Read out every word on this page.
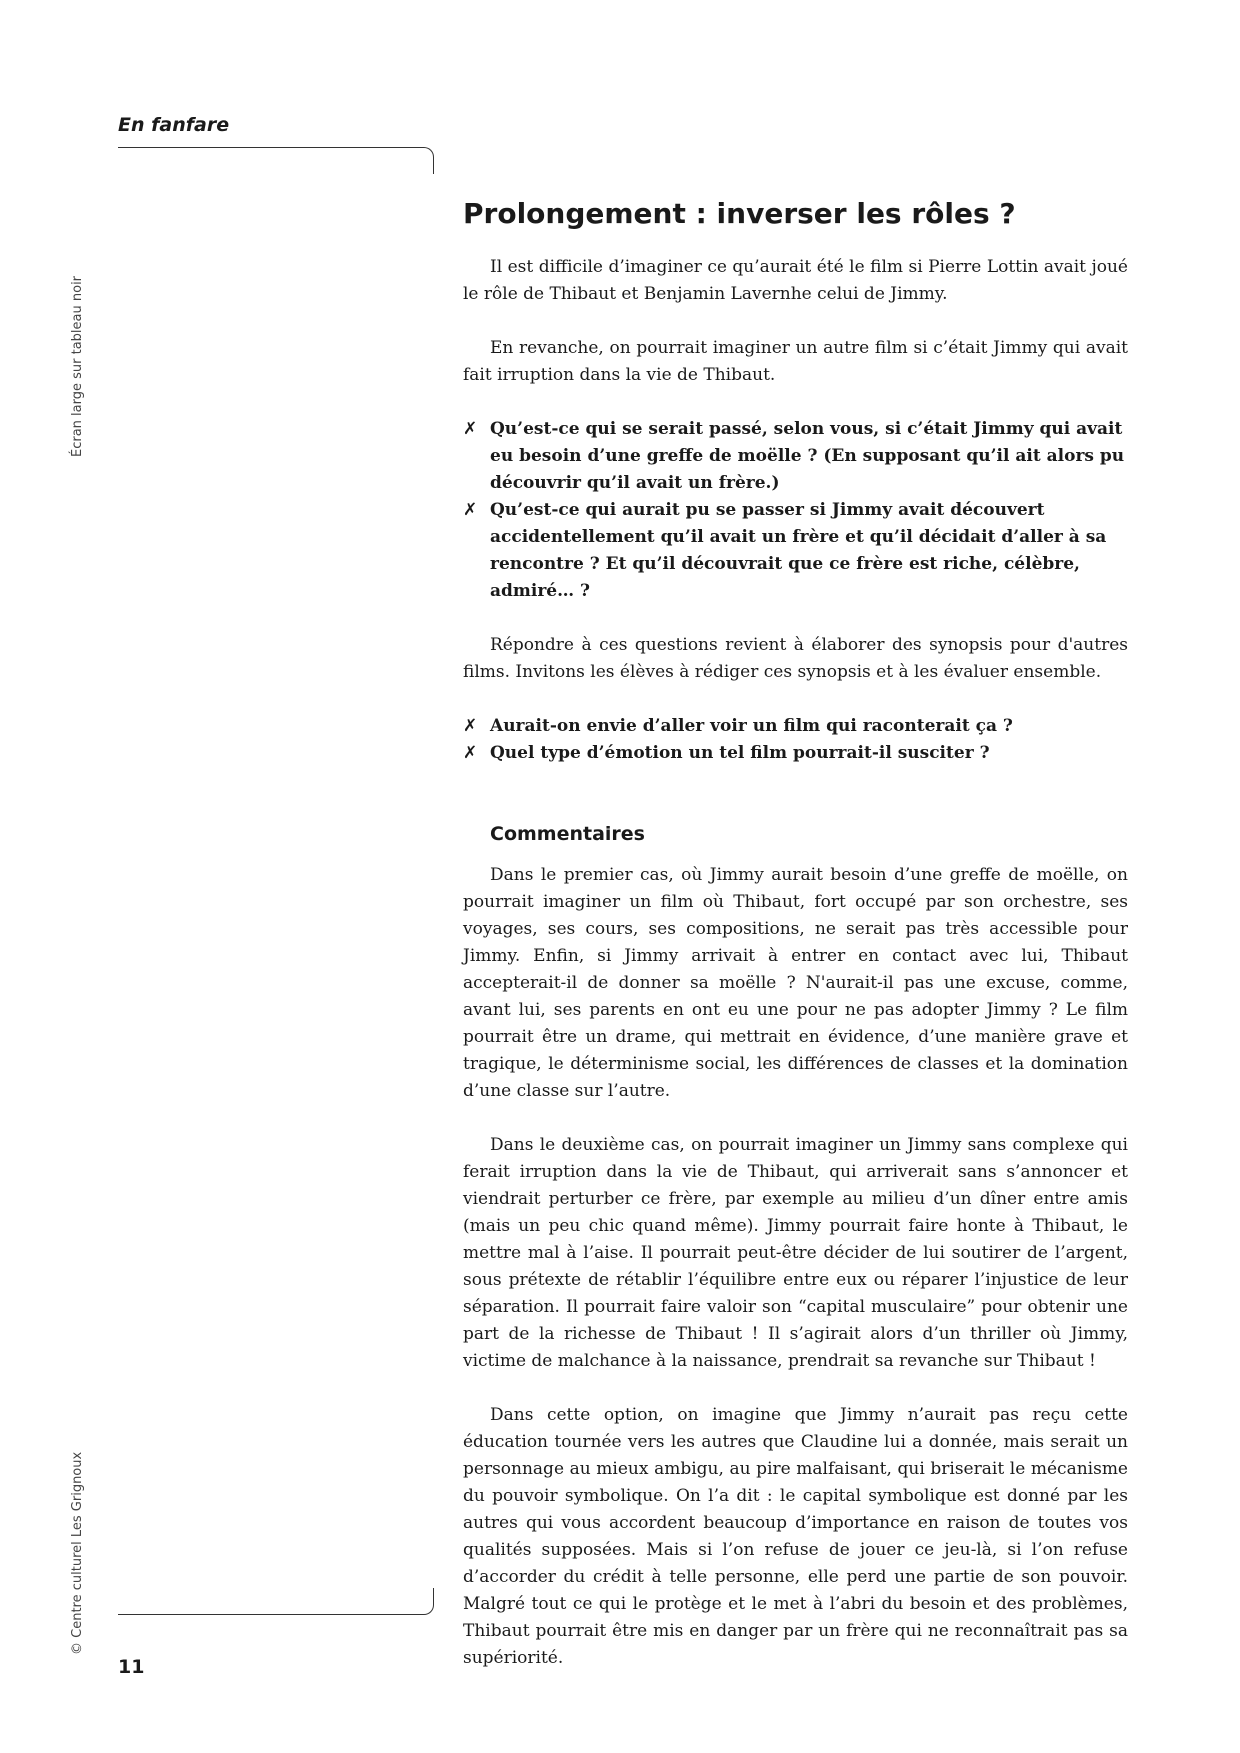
En fanfare
Écran large sur tableau noir
© Centre culturel Les Grignoux
11
Prolongement : inverser les rôles ?

Il est difficile d’imaginer ce qu’aurait été le film si Pierre Lottin avait joué le rôle de Thibaut et Benjamin Lavernhe celui de Jimmy.

En revanche, on pourrait imaginer un autre film si c’était Jimmy qui avait fait irruption dans la vie de Thibaut.

✗ Qu’est-ce qui se serait passé, selon vous, si c’était Jimmy qui avait eu besoin d’une greffe de moëlle ? (En supposant qu’il ait alors pu découvrir qu’il avait un frère.)
✗ Qu’est-ce qui aurait pu se passer si Jimmy avait découvert accidentellement qu’il avait un frère et qu’il décidait d’aller à sa rencontre ? Et qu’il découvrait que ce frère est riche, célèbre, admiré… ?

Répondre à ces questions revient à élaborer des synopsis pour d'autres films. Invitons les élèves à rédiger ces synopsis et à les évaluer ensemble.

✗ Aurait-on envie d’aller voir un film qui raconterait ça ?
✗ Quel type d’émotion un tel film pourrait-il susciter ?
Commentaires

Dans le premier cas, où Jimmy aurait besoin d’une greffe de moëlle, on pourrait imaginer un film où Thibaut, fort occupé par son orchestre, ses voyages, ses cours, ses compositions, ne serait pas très accessible pour Jimmy. Enfin, si Jimmy arrivait à entrer en contact avec lui, Thibaut accepterait-il de donner sa moëlle ? N'aurait-il pas une excuse, comme, avant lui, ses parents en ont eu une pour ne pas adopter Jimmy ? Le film pourrait être un drame, qui mettrait en évidence, d’une manière grave et tragique, le déterminisme social, les différences de classes et la domination d’une classe sur l’autre.

Dans le deuxième cas, on pourrait imaginer un Jimmy sans complexe qui ferait irruption dans la vie de Thibaut, qui arriverait sans s’annoncer et viendrait perturber ce frère, par exemple au milieu d’un dîner entre amis (mais un peu chic quand même). Jimmy pourrait faire honte à Thibaut, le mettre mal à l’aise. Il pourrait peut-être décider de lui soutirer de l’argent, sous prétexte de rétablir l’équilibre entre eux ou réparer l’injustice de leur séparation. Il pourrait faire valoir son “capital musculaire” pour obtenir une part de la richesse de Thibaut ! Il s’agirait alors d’un thriller où Jimmy, victime de malchance à la naissance, prendrait sa revanche sur Thibaut !

Dans cette option, on imagine que Jimmy n’aurait pas reçu cette éducation tournée vers les autres que Claudine lui a donnée, mais serait un personnage au mieux ambigu, au pire malfaisant, qui briserait le mécanisme du pouvoir symbolique. On l’a dit : le capital symbolique est donné par les autres qui vous accordent beaucoup d’importance en raison de toutes vos qualités supposées. Mais si l’on refuse de jouer ce jeu-là, si l’on refuse d’accorder du crédit à telle personne, elle perd une partie de son pouvoir. Malgré tout ce qui le protège et le met à l’abri du besoin et des problèmes, Thibaut pourrait être mis en danger par un frère qui ne reconnaîtrait pas sa supériorité.
